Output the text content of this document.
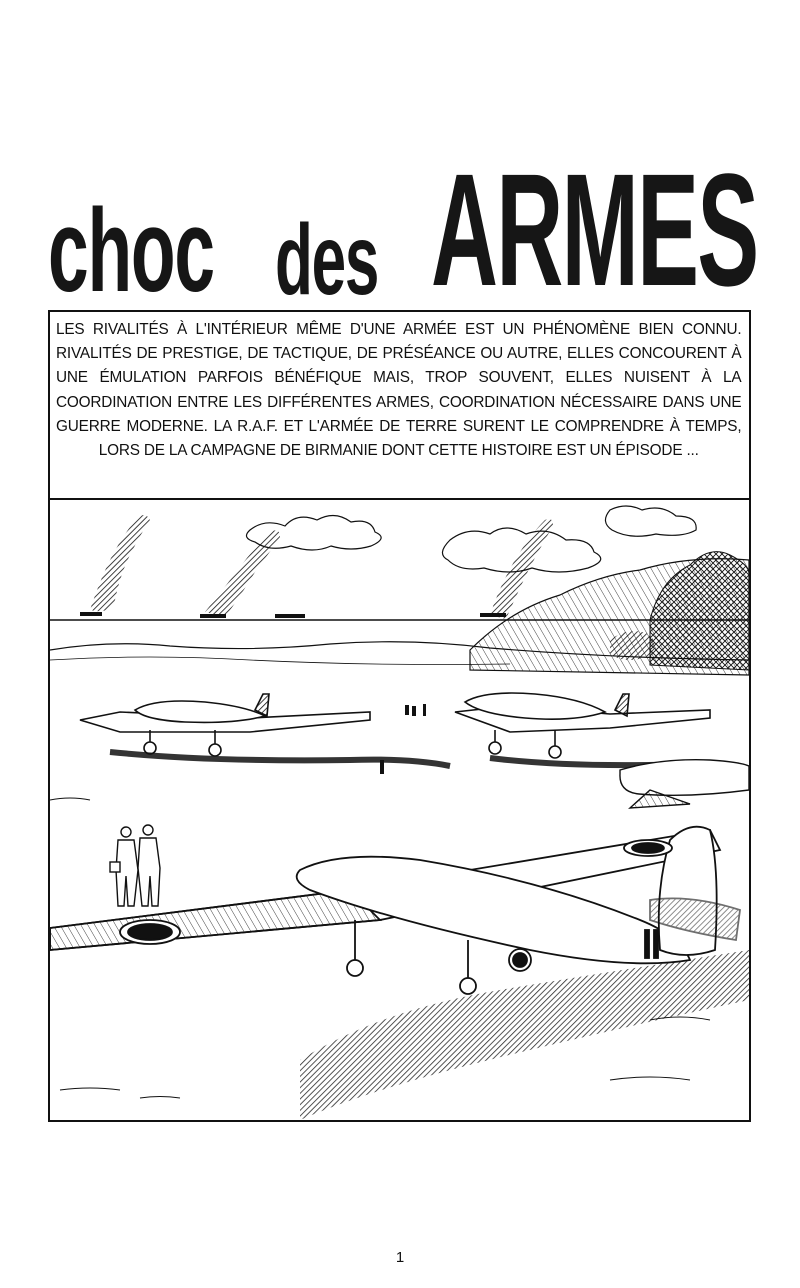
choc des ARMES

LES RIVALITÉS À L'INTÉRIEUR MÊME D'UNE ARMÉE EST UN PHÉNOMÈNE BIEN CONNU. RIVALITÉS DE PRESTIGE, DE TACTIQUE, DE PRÉSÉANCE OU AUTRE, ELLES CONCOURENT À UNE ÉMULATION PARFOIS BÉNÉFIQUE MAIS, TROP SOUVENT, ELLES NUISENT À LA COORDINATION ENTRE LES DIFFÉRENTES ARMES, COORDINATION NÉCESSAIRE DANS UNE GUERRE MODERNE. LA R.A.F. ET L'ARMÉE DE TERRE SURENT LE COMPRENDRE À TEMPS, LORS DE LA CAMPAGNE DE BIRMANIE DONT CETTE HISTOIRE EST UN ÉPISODE ...

1
